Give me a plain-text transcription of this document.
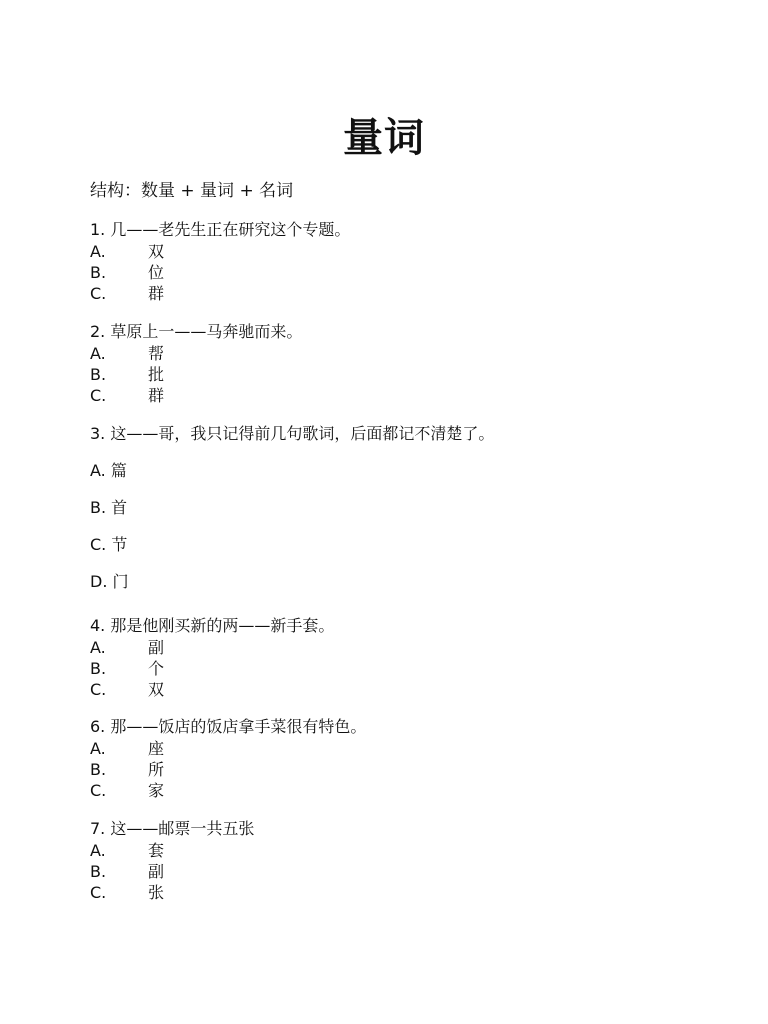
量词
结构：数量 + 量词 + 名词
1. 几——老先生正在研究这个专题。
A.	双
B.	位
C.	群
2. 草原上一——马奔驰而来。
A.	帮
B.	批
C.	群
3. 这——哥，我只记得前几句歌词，后面都记不清楚了。
A. 篇
B. 首
C. 节
D. 门
4. 那是他刚买新的两——新手套。
A.	副
B.	个
C.	双
6. 那——饭店的饭店拿手菜很有特色。
A.	座
B.	所
C.	家
7. 这——邮票一共五张
A.	套
B.	副
C.	张
